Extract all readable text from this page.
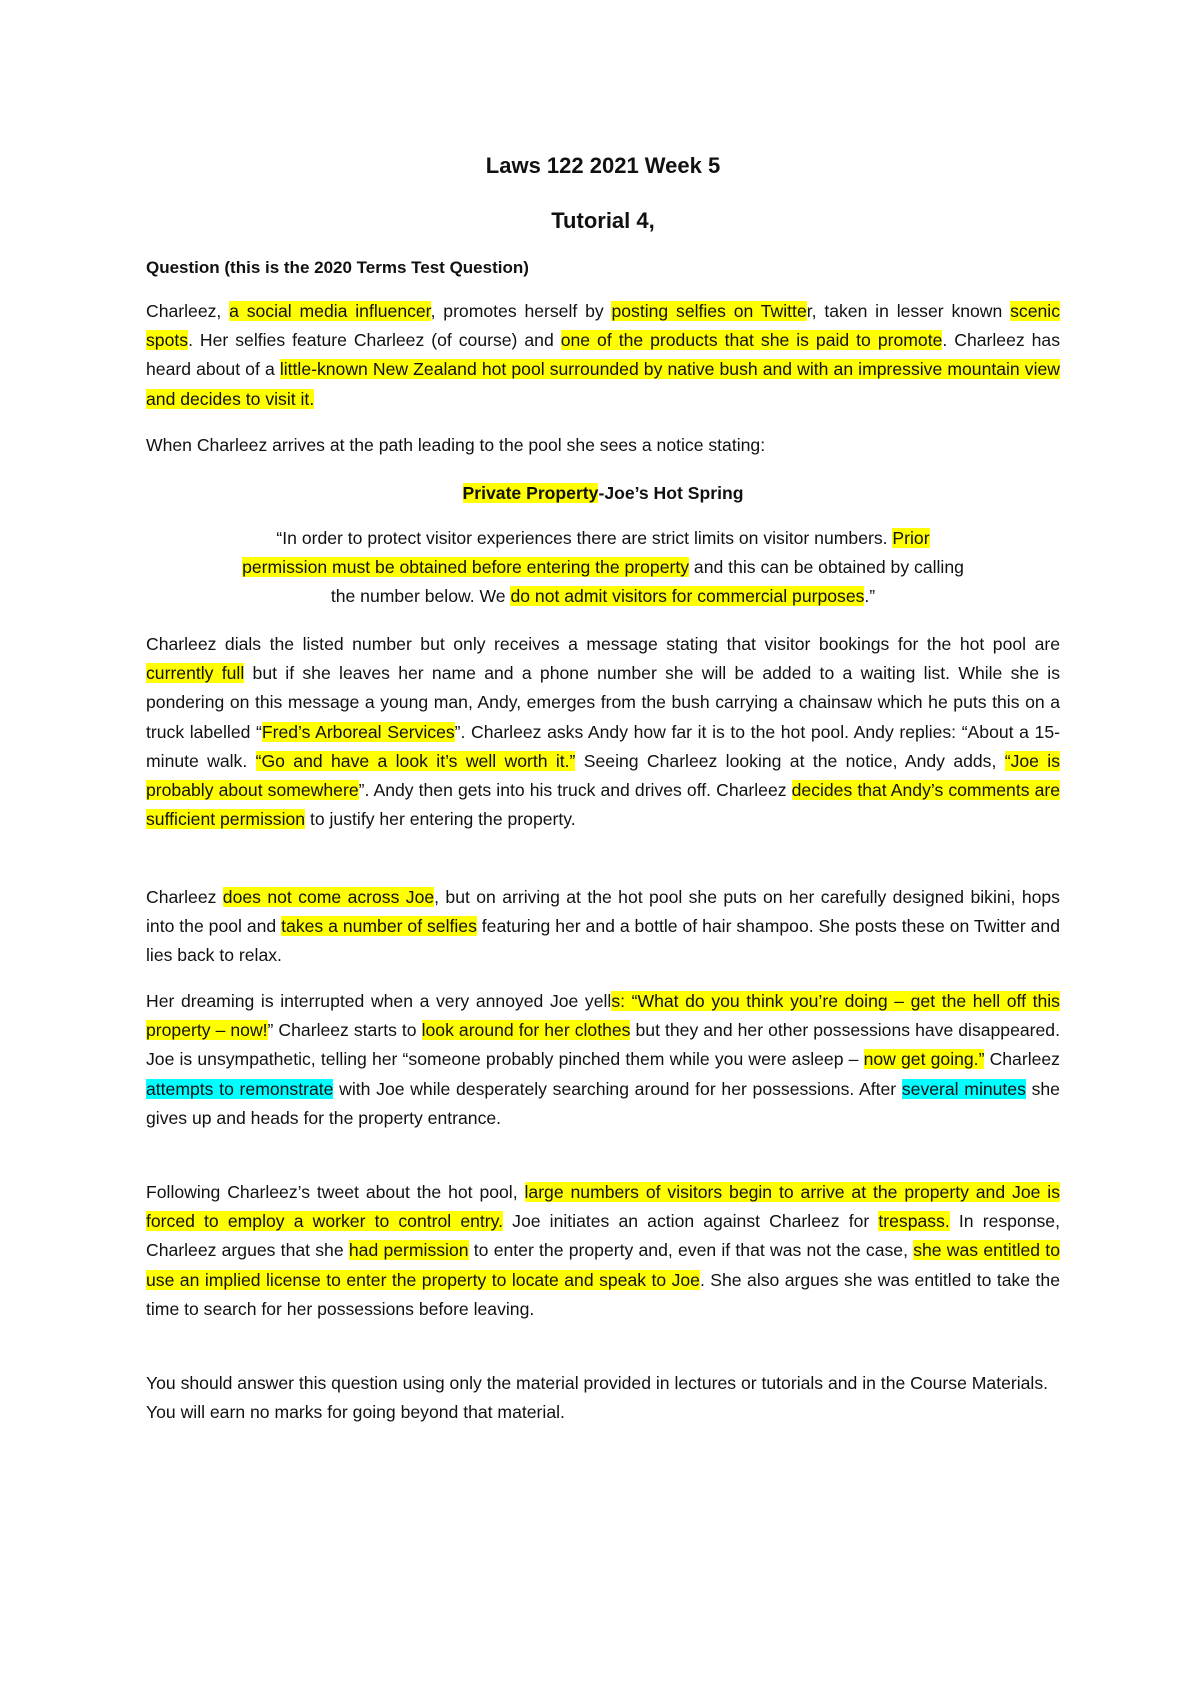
Laws 122 2021 Week 5
Tutorial 4,

Question (this is the 2020 Terms Test Question)

Charleez, a social media influencer, promotes herself by posting selfies on Twitter, taken in lesser known scenic spots. Her selfies feature Charleez (of course) and one of the products that she is paid to promote. Charleez has heard about of a little-known New Zealand hot pool surrounded by native bush and with an impressive mountain view and decides to visit it.

When Charleez arrives at the path leading to the pool she sees a notice stating:

Private Property-Joe’s Hot Spring

“In order to protect visitor experiences there are strict limits on visitor numbers. Prior permission must be obtained before entering the property and this can be obtained by calling the number below. We do not admit visitors for commercial purposes.”

Charleez dials the listed number but only receives a message stating that visitor bookings for the hot pool are currently full but if she leaves her name and a phone number she will be added to a waiting list. While she is pondering on this message a young man, Andy, emerges from the bush carrying a chainsaw which he puts this on a truck labelled “Fred’s Arboreal Services”. Charleez asks Andy how far it is to the hot pool. Andy replies: “About a 15-minute walk. “Go and have a look it’s well worth it.” Seeing Charleez looking at the notice, Andy adds, “Joe is probably about somewhere”. Andy then gets into his truck and drives off. Charleez decides that Andy’s comments are sufficient permission to justify her entering the property.

Charleez does not come across Joe, but on arriving at the hot pool she puts on her carefully designed bikini, hops into the pool and takes a number of selfies featuring her and a bottle of hair shampoo. She posts these on Twitter and lies back to relax.

Her dreaming is interrupted when a very annoyed Joe yells: “What do you think you’re doing – get the hell off this property – now!” Charleez starts to look around for her clothes but they and her other possessions have disappeared. Joe is unsympathetic, telling her “someone probably pinched them while you were asleep – now get going.” Charleez attempts to remonstrate with Joe while desperately searching around for her possessions. After several minutes she gives up and heads for the property entrance.

Following Charleez’s tweet about the hot pool, large numbers of visitors begin to arrive at the property and Joe is forced to employ a worker to control entry. Joe initiates an action against Charleez for trespass. In response, Charleez argues that she had permission to enter the property and, even if that was not the case, she was entitled to use an implied license to enter the property to locate and speak to Joe. She also argues she was entitled to take the time to search for her possessions before leaving.

You should answer this question using only the material provided in lectures or tutorials and in the Course Materials. You will earn no marks for going beyond that material.
